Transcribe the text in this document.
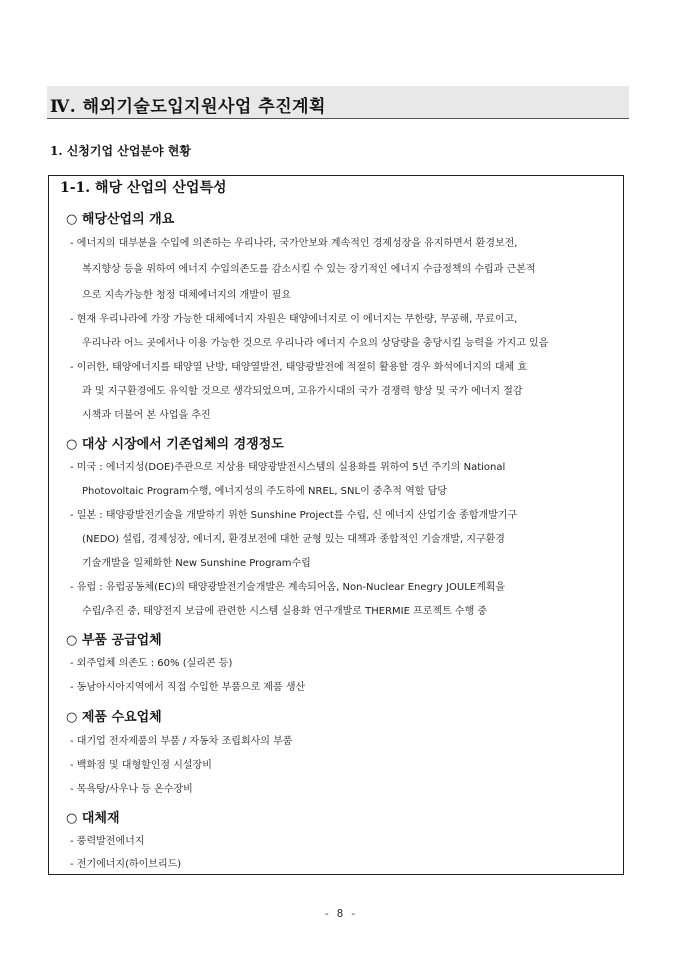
Ⅳ. 해외기술도입지원사업 추진계획
1. 신청기업 산업분야 현황
1-1. 해당 산업의 산업특성
○ 해당산업의 개요
- 에너지의 대부분을 수입에 의존하는 우리나라, 국가안보와 계속적인 경제성장을 유지하면서 환경보전,
복지향상 등을 위하여 에너지 수입의존도를 감소시킬 수 있는 장기적인 에너지 수급정책의 수립과 근본적
으로 지속가능한 청정 대체에너지의 개발이 필요
- 현재 우리나라에 가장 가능한 대체에너지 자원은 태양에너지로 이 에너지는 무한량, 무공해, 무료이고,
우리나라 어느 곳에서나 이용 가능한 것으로 우리나라 에너지 수요의 상당량을 충당시킬 능력을 가지고 있음
- 이러한, 태양에너지를 태양열 난방, 태양열발전, 태양광발전에 적절히 활용할 경우 화석에너지의 대체 효
과 및 지구환경에도 유익할 것으로 생각되었으며, 고유가시대의 국가 경쟁력 향상 및 국가 에너지 절감
시책과 더불어 본 사업을 추진
○ 대상 시장에서 기존업체의 경쟁정도
- 미국 : 에너지성(DOE)주관으로 지상용 태양광발전시스템의 실용화를 위하여 5년 주기의 National
Photovoltaic Program수행, 에너지성의 주도하에 NREL, SNL이 중추적 역할 담당
- 일본 : 태양광발전기술을 개발하기 위한 Sunshine Project를 수립, 신 에너지 산업기술 종합개발기구
(NEDO) 설립, 경제성장, 에너지, 환경보전에 대한 균형 있는 대책과 종합적인 기술개발, 지구환경
기술개발을 일체화한 New Sunshine Program수립
- 유럽 : 유럽공동체(EC)의 태양광발전기술개발은 계속되어옴, Non-Nuclear Enegry JOULE계획을
수립/추진 중, 태양전지 보급에 관련한 시스템 실용화 연구개발로 THERMIE 프로젝트 수행 중
○ 부품 공급업체
- 외주업체 의존도 : 60% (실리콘 등)
- 동남아시아지역에서 직접 수입한 부품으로 제품 생산
○ 제품 수요업체
- 대기업 전자제품의 부품 / 자동차 조립회사의 부품
- 백화점 및 대형할인점 시설장비
- 목욕탕/사우나 등 온수장비
○ 대체재
- 풍력발전에너지
- 전기에너지(하이브리드)
- 8 -
